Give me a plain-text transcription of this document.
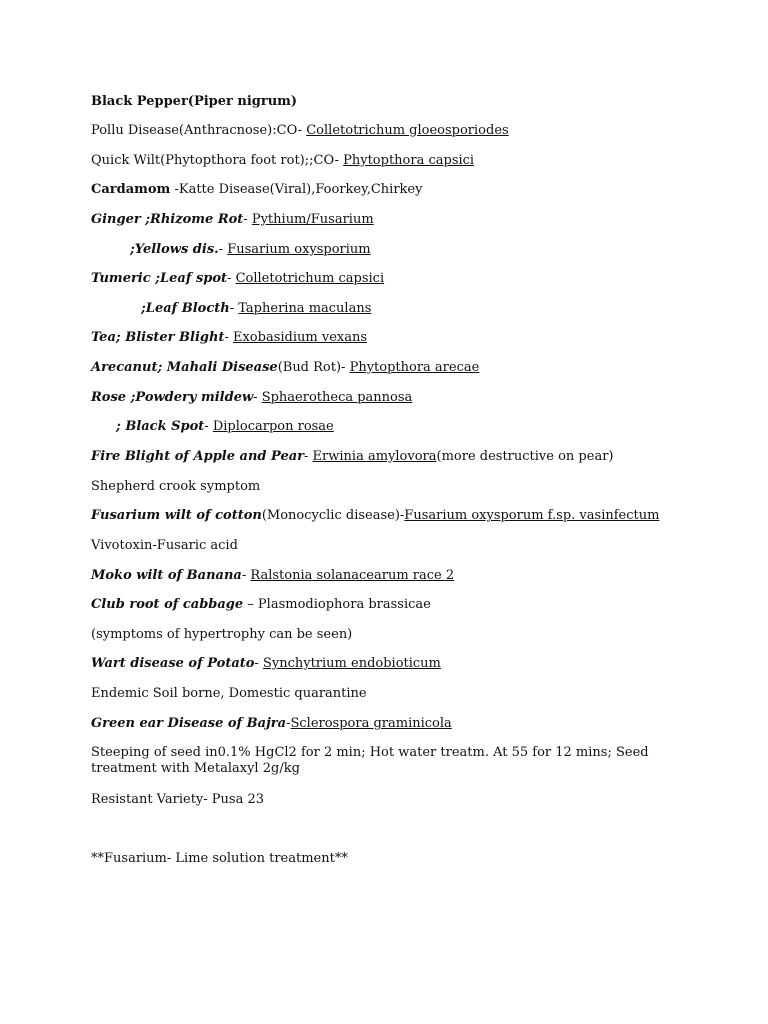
Black Pepper(Piper nigrum)
Pollu Disease(Anthracnose):CO- Colletotrichum gloeosporiodes
Quick Wilt(Phytopthora foot rot);;CO- Phytopthora capsici
Cardamom -Katte Disease(Viral),Foorkey,Chirkey
Ginger ;Rhizome Rot- Pythium/Fusarium
;Yellows dis.- Fusarium oxysporium
Tumeric ;Leaf spot- Colletotrichum capsici
;Leaf Blocth- Tapherina maculans
Tea; Blister Blight- Exobasidium vexans
Arecanut; Mahali Disease(Bud Rot)- Phytopthora arecae
Rose ;Powdery mildew- Sphaerotheca pannosa
; Black Spot- Diplocarpon rosae
Fire Blight of Apple and Pear- Erwinia amylovora(more destructive on pear)
Shepherd crook symptom
Fusarium wilt of cotton(Monocyclic disease)-Fusarium oxysporum f.sp. vasinfectum
Vivotoxin-Fusaric acid
Moko wilt of Banana- Ralstonia solanacearum race 2
Club root of cabbage – Plasmodiophora brassicae
(symptoms of hypertrophy can be seen)
Wart disease of Potato- Synchytrium endobioticum
Endemic Soil borne, Domestic quarantine
Green ear Disease of Bajra-Sclerospora graminicola
Steeping of seed in0.1% HgCl2 for 2 min; Hot water treatm. At 55 for 12 mins; Seed treatment with Metalaxyl 2g/kg
Resistant Variety- Pusa 23
**Fusarium- Lime solution treatment**
